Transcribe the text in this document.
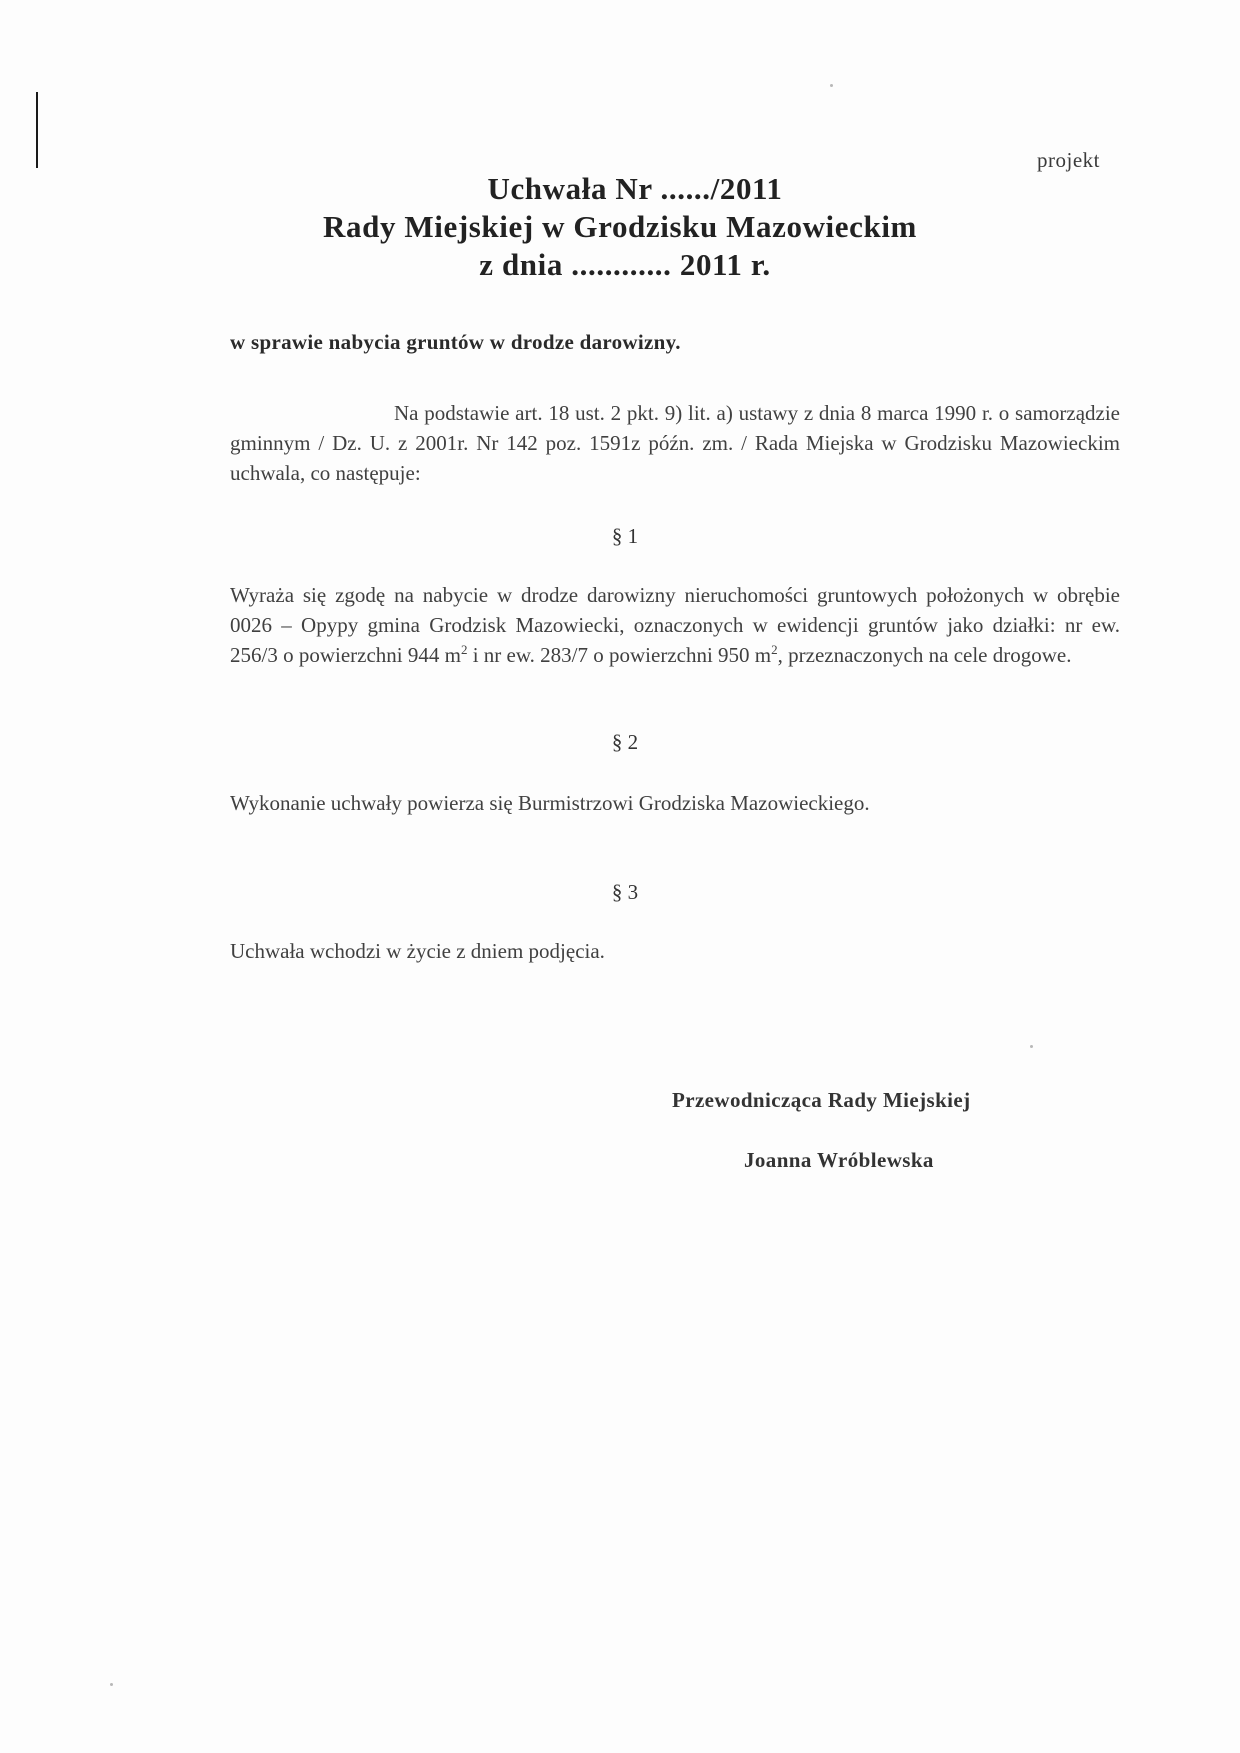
projekt
Uchwała Nr ....../2011
Rady Miejskiej w Grodzisku Mazowieckim
z dnia ............ 2011 r.
w sprawie nabycia gruntów w drodze darowizny.
Na podstawie art. 18 ust. 2 pkt. 9) lit. a) ustawy z dnia 8 marca 1990 r. o samorządzie gminnym / Dz. U. z 2001r. Nr 142 poz. 1591z późn. zm. / Rada Miejska w Grodzisku Mazowieckim uchwala, co następuje:
§ 1
Wyraża się zgodę na nabycie w drodze darowizny nieruchomości gruntowych położonych w obrębie 0026 – Opypy gmina Grodzisk Mazowiecki, oznaczonych w ewidencji gruntów jako działki: nr ew. 256/3 o powierzchni 944 $m^2$ i nr ew. 283/7 o powierzchni 950 $m^2$, przeznaczonych na cele drogowe.
§ 2
Wykonanie uchwały powierza się Burmistrzowi Grodziska Mazowieckiego.
§ 3
Uchwała wchodzi w życie z dniem podjęcia.
Przewodnicząca Rady Miejskiej
Joanna Wróblewska
